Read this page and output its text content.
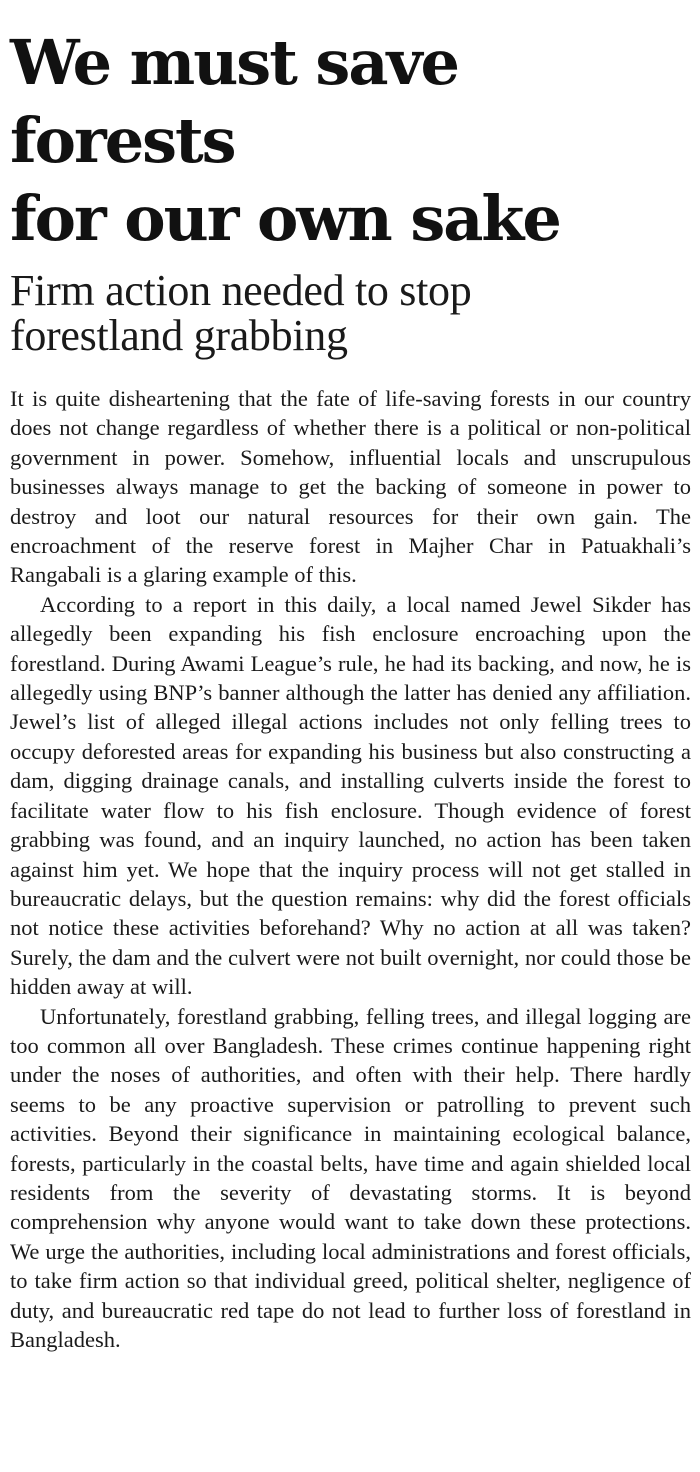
We must save forests
for our own sake
Firm action needed to stop
forestland grabbing

It is quite disheartening that the fate of life-saving forests in our country does not change regardless of whether there is a political or non-political government in power. Somehow, influential locals and unscrupulous businesses always manage to get the backing of someone in power to destroy and loot our natural resources for their own gain. The encroachment of the reserve forest in Majher Char in Patuakhali’s Rangabali is a glaring example of this.

According to a report in this daily, a local named Jewel Sikder has allegedly been expanding his fish enclosure encroaching upon the forestland. During Awami League’s rule, he had its backing, and now, he is allegedly using BNP’s banner although the latter has denied any affiliation. Jewel’s list of alleged illegal actions includes not only felling trees to occupy deforested areas for expanding his business but also constructing a dam, digging drainage canals, and installing culverts inside the forest to facilitate water flow to his fish enclosure. Though evidence of forest grabbing was found, and an inquiry launched, no action has been taken against him yet. We hope that the inquiry process will not get stalled in bureaucratic delays, but the question remains: why did the forest officials not notice these activities beforehand? Why no action at all was taken? Surely, the dam and the culvert were not built overnight, nor could those be hidden away at will.

Unfortunately, forestland grabbing, felling trees, and illegal logging are too common all over Bangladesh. These crimes continue happening right under the noses of authorities, and often with their help. There hardly seems to be any proactive supervision or patrolling to prevent such activities. Beyond their significance in maintaining ecological balance, forests, particularly in the coastal belts, have time and again shielded local residents from the severity of devastating storms. It is beyond comprehension why anyone would want to take down these protections. We urge the authorities, including local administrations and forest officials, to take firm action so that individual greed, political shelter, negligence of duty, and bureaucratic red tape do not lead to further loss of forestland in Bangladesh.
